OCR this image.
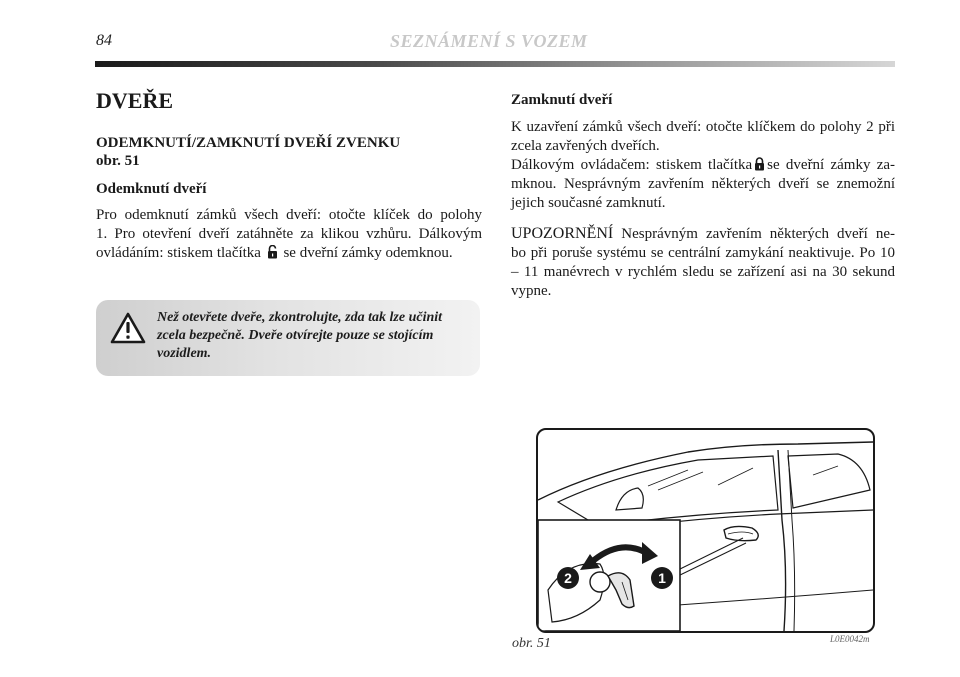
84	SEZNÁMENÍ S VOZEM
DVEŘE
ODEMKNUTÍ/ZAMKNUTÍ DVEŘÍ ZVENKU
obr. 51
Odemknutí dveří
Pro odemknutí zámků všech dveří: otočte klíček do polohy
1. Pro otevření dveří zatáhněte za klikou vzhůru. Dálkovým
ovládáním: stiskem tlačítka se dveřní zámky odemknou.
Než otevřete dveře, zkontrolujte, zda tak lze učinit
zcela bezpečně. Dveře otvírejte pouze se stojícím
vozidlem.
Zamknutí dveří
K uzavření zámků všech dveří: otočte klíčkem do polohy 2 při
zcela zavřených dveřích.
Dálkovým ovládačem: stiskem tlačítka se dveřní zámky za-
mknou. Nesprávným zavřením některých dveří se znemožní
jejich současné zamknutí.
UPOZORNĚNÍ Nesprávným zavřením některých dveří ne-
bo při poruše systému se centrální zamykání neaktivuje. Po 10
– 11 manévrech v rychlém sledu se zařízení asi na 30 sekund
vypne.
2	1
obr. 51	L0E0042m
